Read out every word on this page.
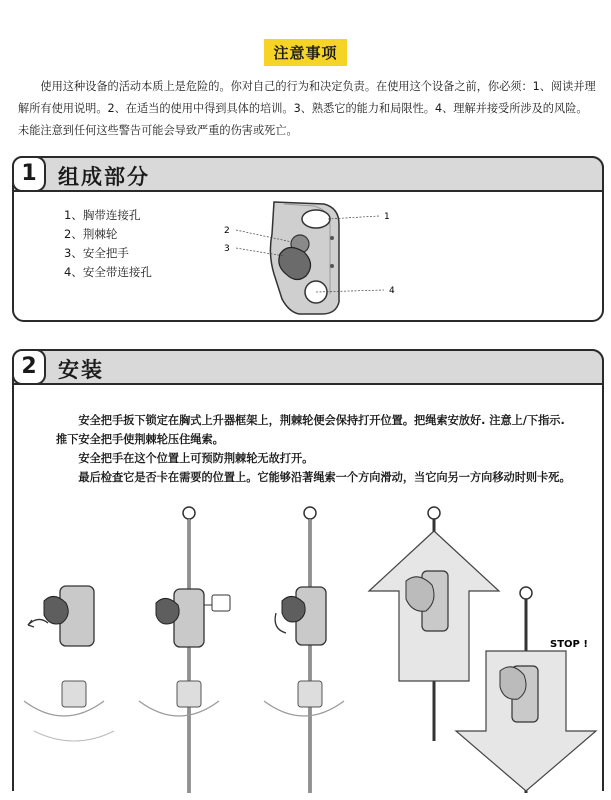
注意事项

使用这种设备的活动本质上是危险的。你对自己的行为和决定负责。在使用这个设备之前，你必须：1、阅读并理解所有使用说明。2、在适当的使用中得到具体的培训。3、熟悉它的能力和局限性。4、理解并接受所涉及的风险。未能注意到任何这些警告可能会导致严重的伤害或死亡。

1	组成部分
1、胸带连接孔
2、荆棘轮
3、安全把手
4、安全带连接孔
1
2
3
4
2	安装

安全把手扳下锁定在胸式上升器框架上，荆棘轮便会保持打开位置。把绳索安放好. 注意上/下指示. 推下安全把手使荆棘轮压住绳索。

安全把手在这个位置上可预防荆棘轮无故打开。

最后检查它是否卡在需要的位置上。它能够沿著绳索一个方向滑动，当它向另一方向移动时则卡死。

STOP !
